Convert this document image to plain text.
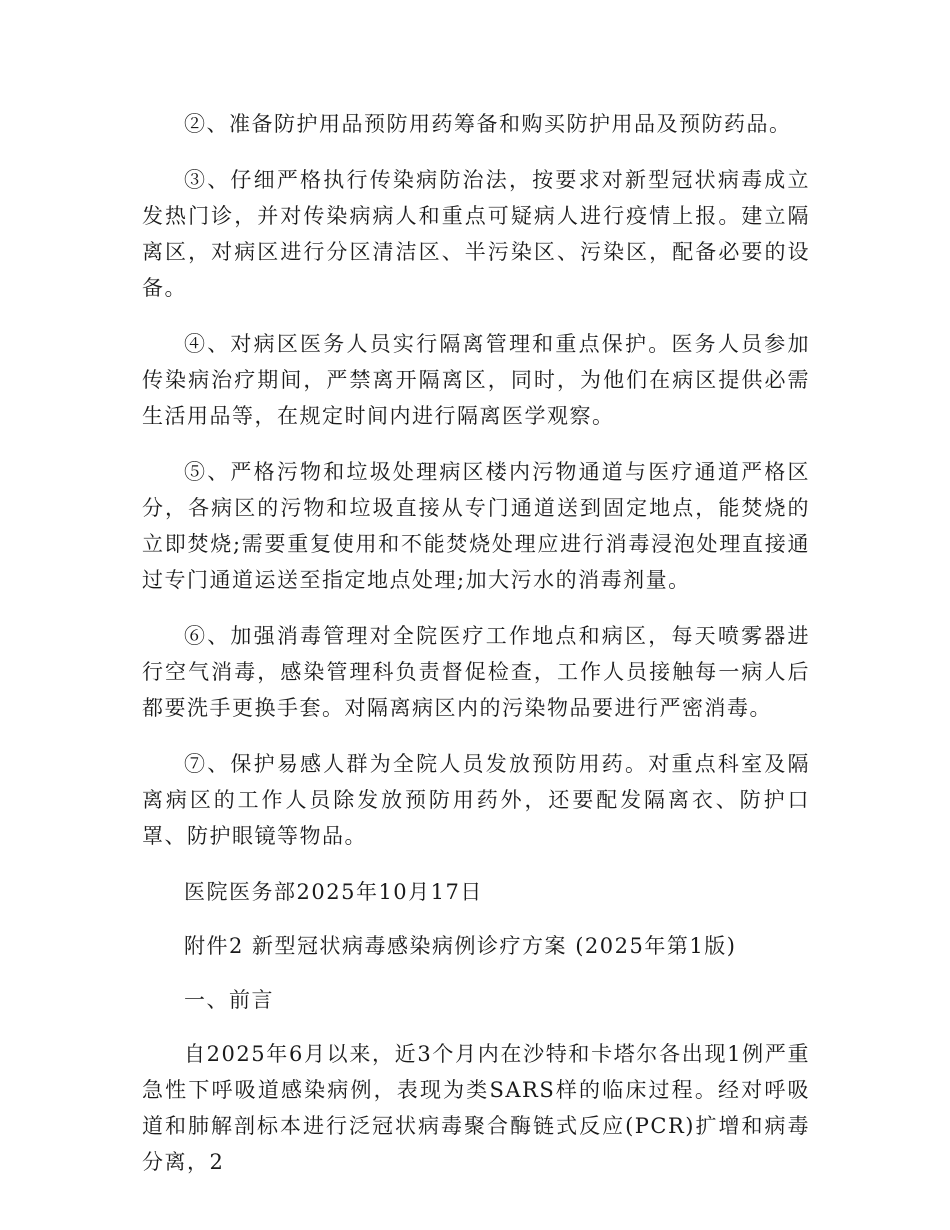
②、准备防护用品预防用药筹备和购买防护用品及预防药品。

③、仔细严格执行传染病防治法，按要求对新型冠状病毒成立发热门诊，并对传染病病人和重点可疑病人进行疫情上报。建立隔离区，对病区进行分区清洁区、半污染区、污染区，配备必要的设备。

④、对病区医务人员实行隔离管理和重点保护。医务人员参加传染病治疗期间，严禁离开隔离区，同时，为他们在病区提供必需生活用品等，在规定时间内进行隔离医学观察。

⑤、严格污物和垃圾处理病区楼内污物通道与医疗通道严格区分，各病区的污物和垃圾直接从专门通道送到固定地点，能焚烧的立即焚烧;需要重复使用和不能焚烧处理应进行消毒浸泡处理直接通过专门通道运送至指定地点处理;加大污水的消毒剂量。

⑥、加强消毒管理对全院医疗工作地点和病区，每天喷雾器进行空气消毒，感染管理科负责督促检查，工作人员接触每一病人后都要洗手更换手套。对隔离病区内的污染物品要进行严密消毒。

⑦、保护易感人群为全院人员发放预防用药。对重点科室及隔离病区的工作人员除发放预防用药外，还要配发隔离衣、防护口罩、防护眼镜等物品。

医院医务部2025年10月17日

附件2 新型冠状病毒感染病例诊疗方案 (2025年第1版)

一、前言

自2025年6月以来，近3个月内在沙特和卡塔尔各出现1例严重急性下呼吸道感染病例，表现为类SARS样的临床过程。经对呼吸道和肺解剖标本进行泛冠状病毒聚合酶链式反应(PCR)扩增和病毒分离，2
